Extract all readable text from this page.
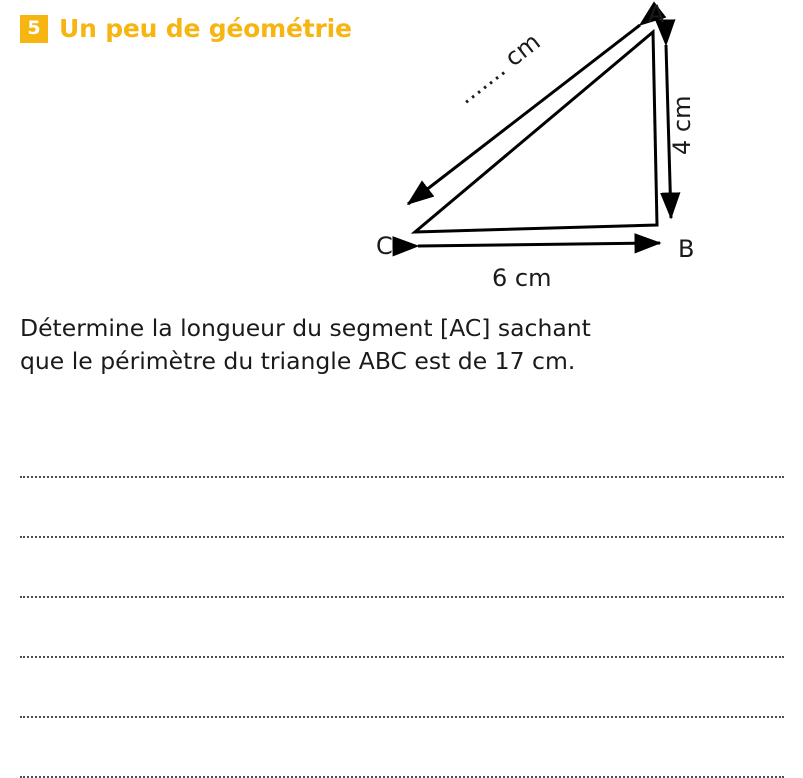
5 Un peu de géométrie	A
B
C
....... cm
4 cm
6 cm
Détermine la longueur du segment [AC] sachant
que le périmètre du triangle ABC est de 17 cm.
